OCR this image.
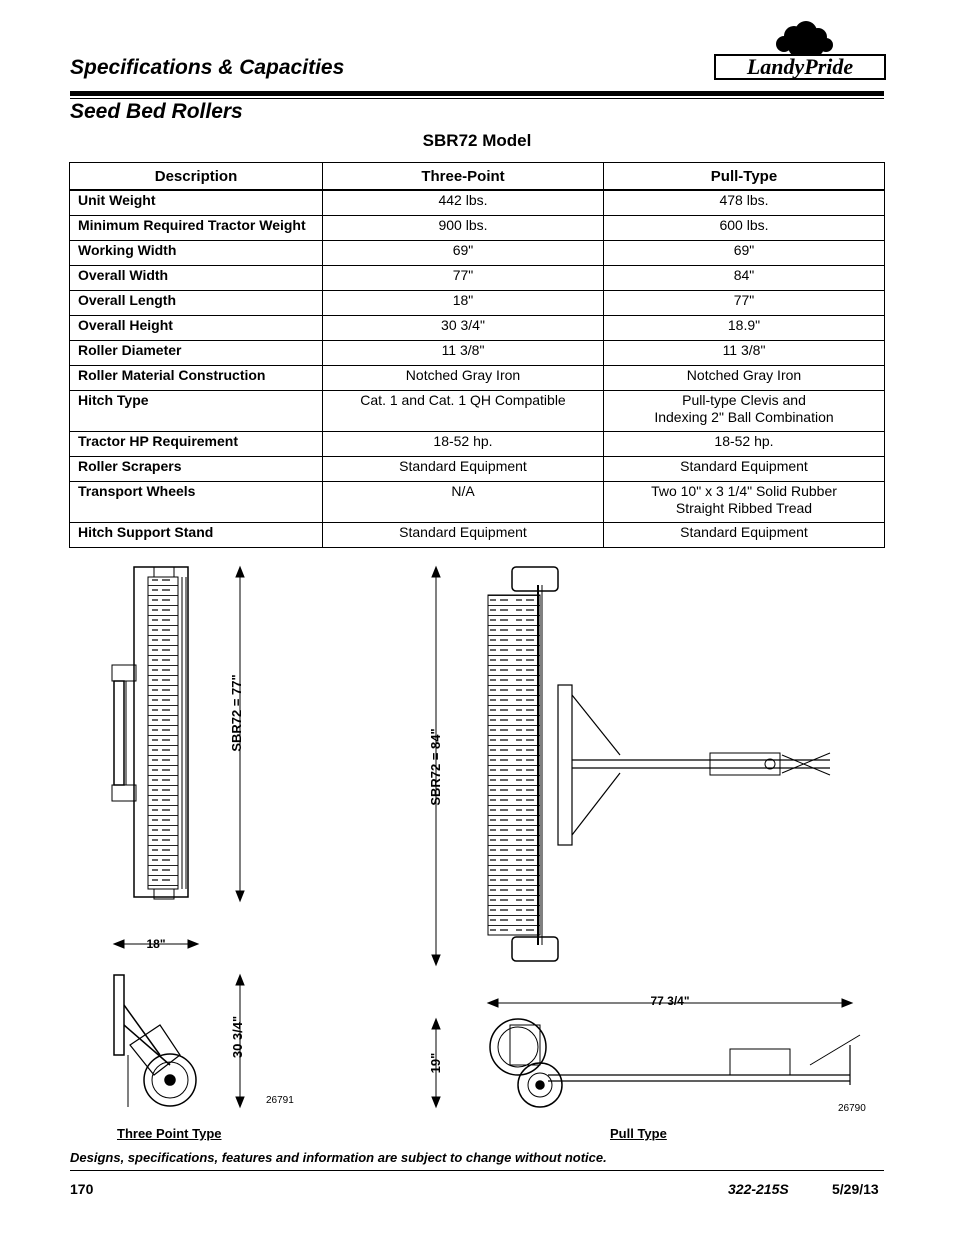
Specifications & Capacities	LandyPride
Seed Bed Rollers
SBR72 Model
Description	Three-Point	Pull-Type
Unit Weight	442 lbs.	478 lbs.
Minimum Required Tractor Weight	900 lbs.	600 lbs.
Working Width	69"	69"
Overall Width	77"	84"
Overall Length	18"	77"
Overall Height	30 3/4"	18.9"
Roller Diameter	11 3/8"	11 3/8"
Roller Material Construction	Notched Gray Iron	Notched Gray Iron
Hitch Type	Cat. 1 and Cat. 1 QH Compatible	Pull-type Clevis and
Indexing 2" Ball Combination

Tractor HP Requirement	18-52 hp.	18-52 hp.
Roller Scrapers	Standard Equipment	Standard Equipment
Transport Wheels	N/A	Two 10" x 3 1/4" Solid Rubber
Straight Ribbed Tread

Hitch Support Stand	Standard Equipment	Standard Equipment
SBR72 = 77"
18"
30 3/4"
26791
SBR72 = 84"
77 3/4"
19"
26790
Three Point Type	Pull Type
Designs, specifications, features and information are subject to change without notice.
170	322-215S	5/29/13
